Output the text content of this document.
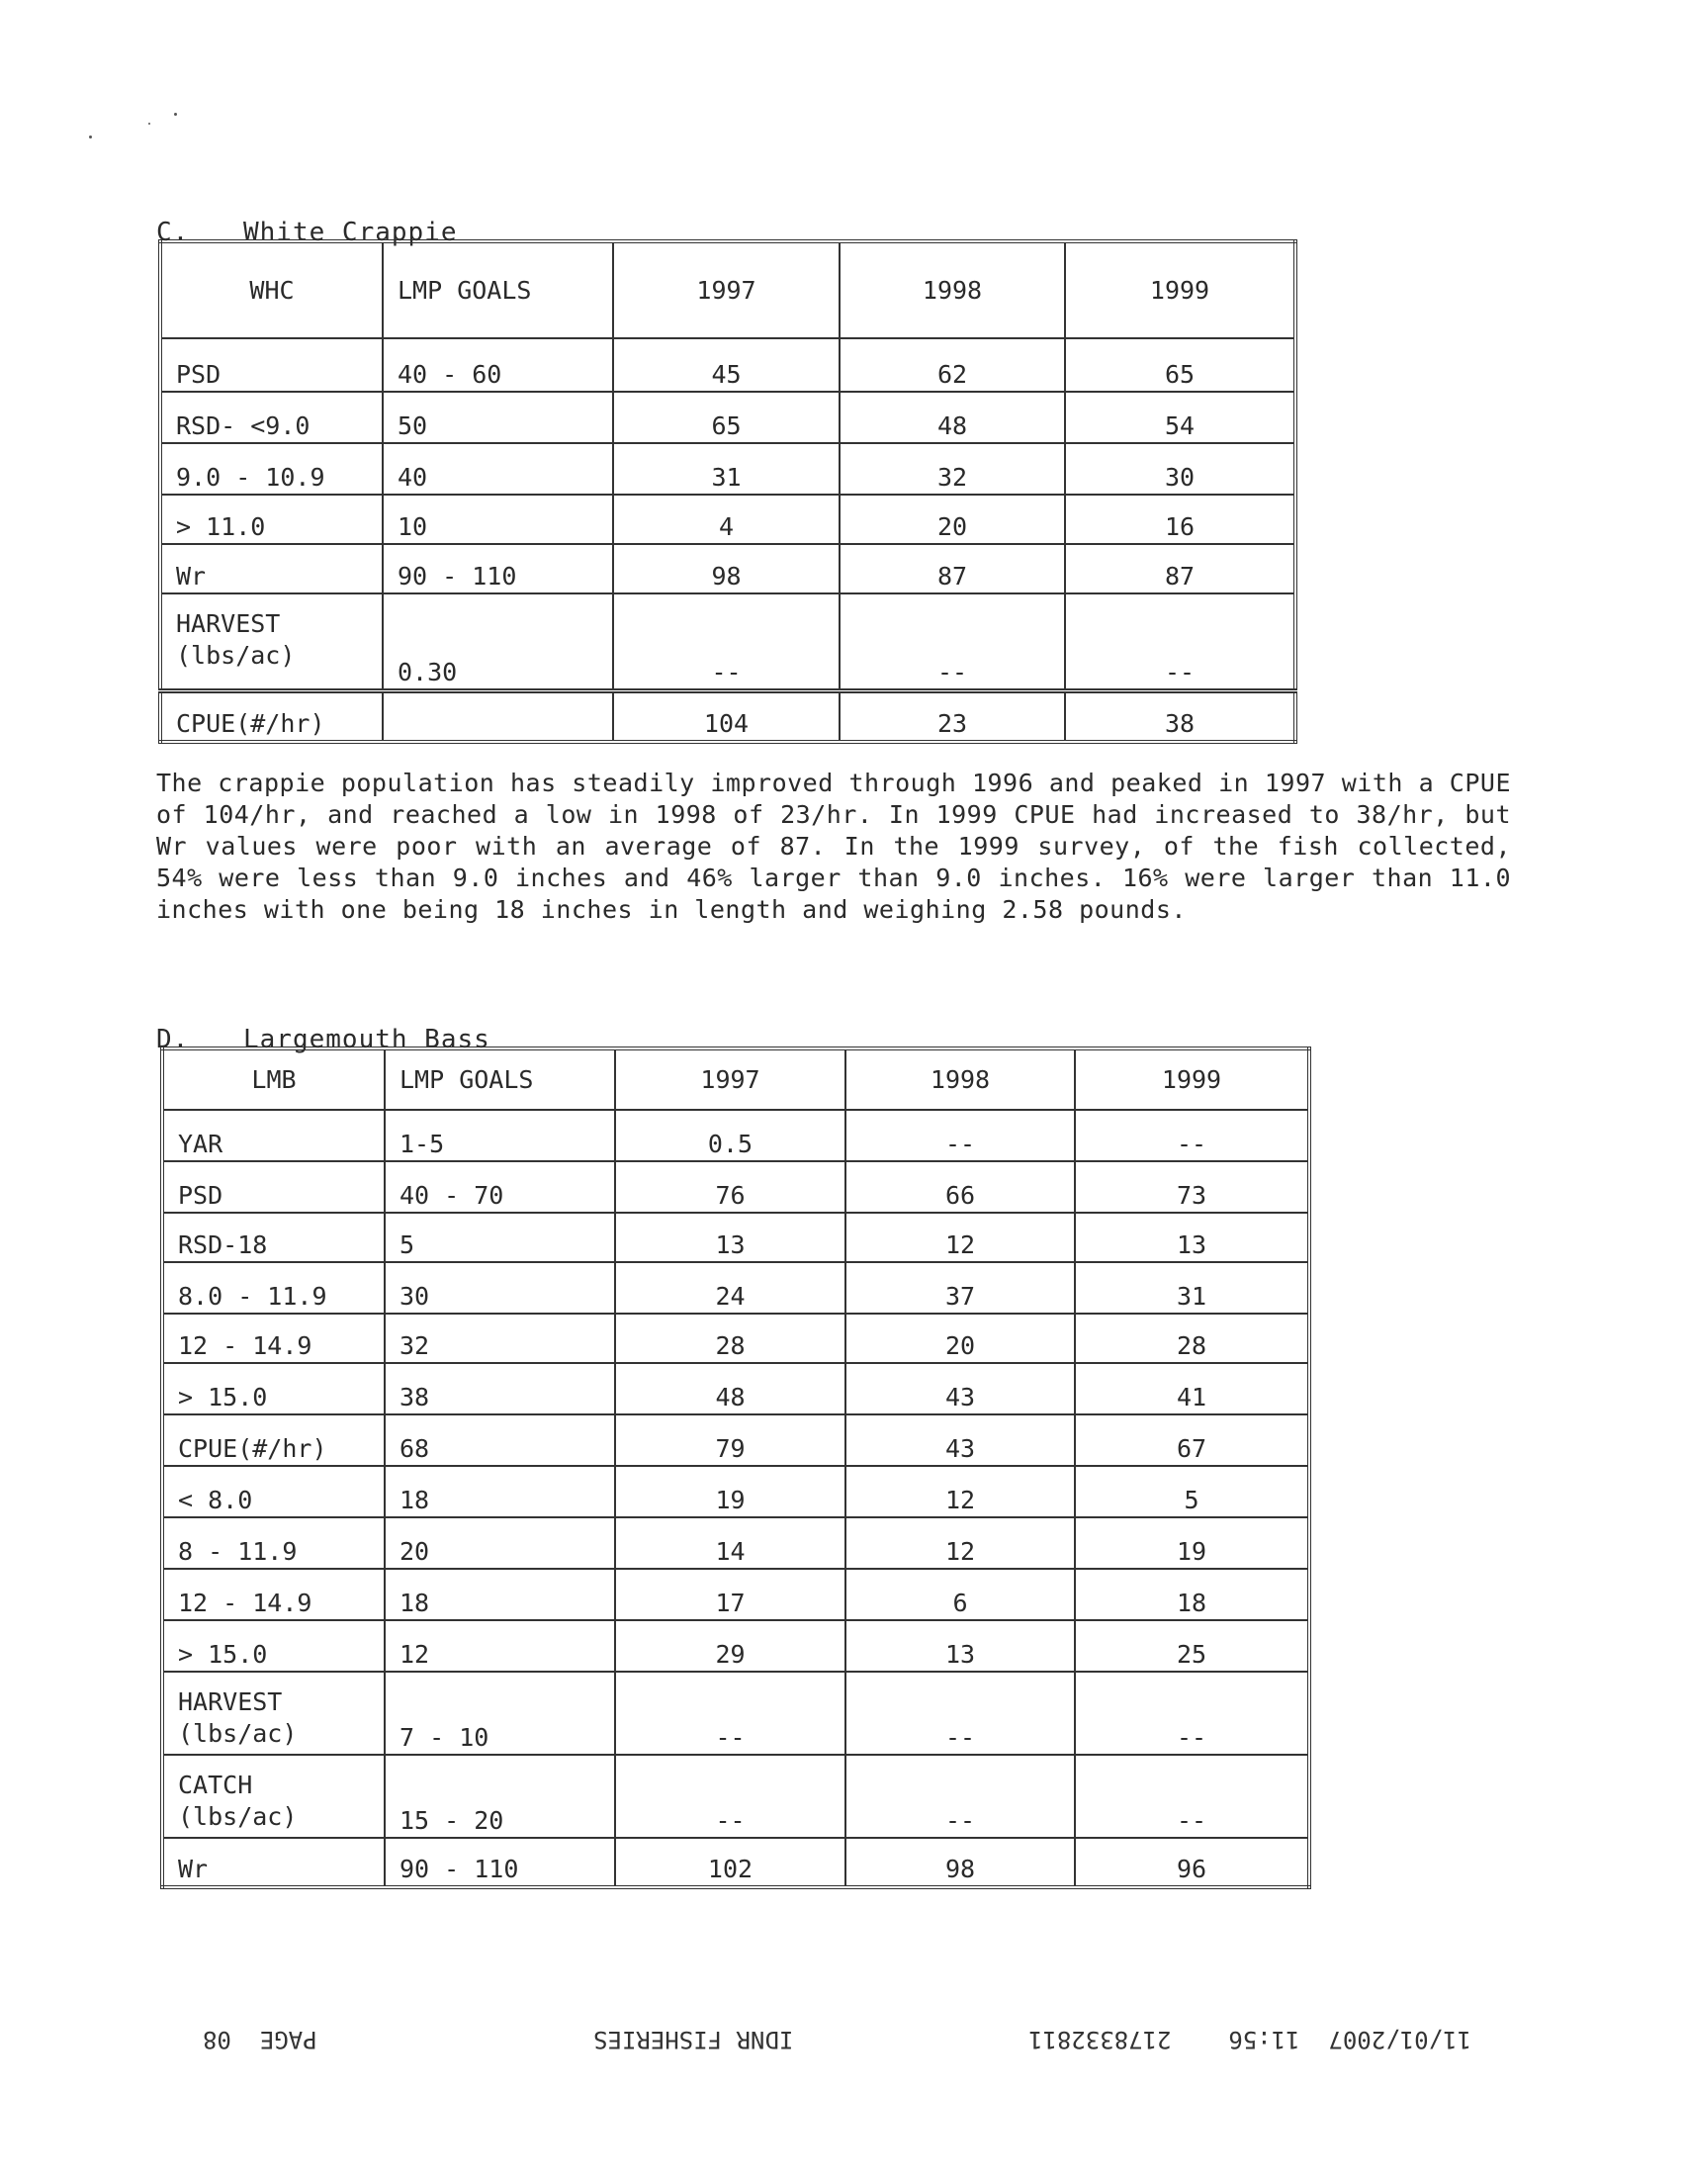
C. White Crappie
WHC	LMP GOALS	1997	1998	1999
PSD	40 - 60	45	62	65
RSD- <9.0	50	65	48	54
9.0 - 10.9	40	31	32	30
> 11.0	10	4	20	16
Wr	90 - 110	98	87	87
HARVEST
(lbs/ac)	0.30	--	--	--
CPUE(#/hr)		104	23	38
The crappie population has steadily improved through 1996 and peaked in 1997 with a CPUE of 104/hr, and reached a low in 1998 of 23/hr. In 1999 CPUE had increased to 38/hr, but Wr values were poor with an average of 87. In the 1999 survey, of the fish collected, 54% were less than 9.0 inches and 46% larger than 9.0 inches. 16% were larger than 11.0 inches with one being 18 inches in length and weighing 2.58 pounds.
D. Largemouth Bass
LMB	LMP GOALS	1997	1998	1999
YAR	1-5	0.5	--	--
PSD	40 - 70	76	66	73
RSD-18	5	13	12	13
8.0 - 11.9	30	24	37	31
12 - 14.9	32	28	20	28
> 15.0	38	48	43	41
CPUE(#/hr)	68	79	43	67
< 8.0	18	19	12	5
8 - 11.9	20	14	12	19
12 - 14.9	18	17	6	18
> 15.0	12	29	13	25
HARVEST
(lbs/ac)	7 - 10	--	--	--
CATCH
(lbs/ac)	15 - 20	--	--	--
Wr	90 - 110	102	98	96
PAGE  08	IDNR FISHERIES	11/01/2007  11:56    2178332811
